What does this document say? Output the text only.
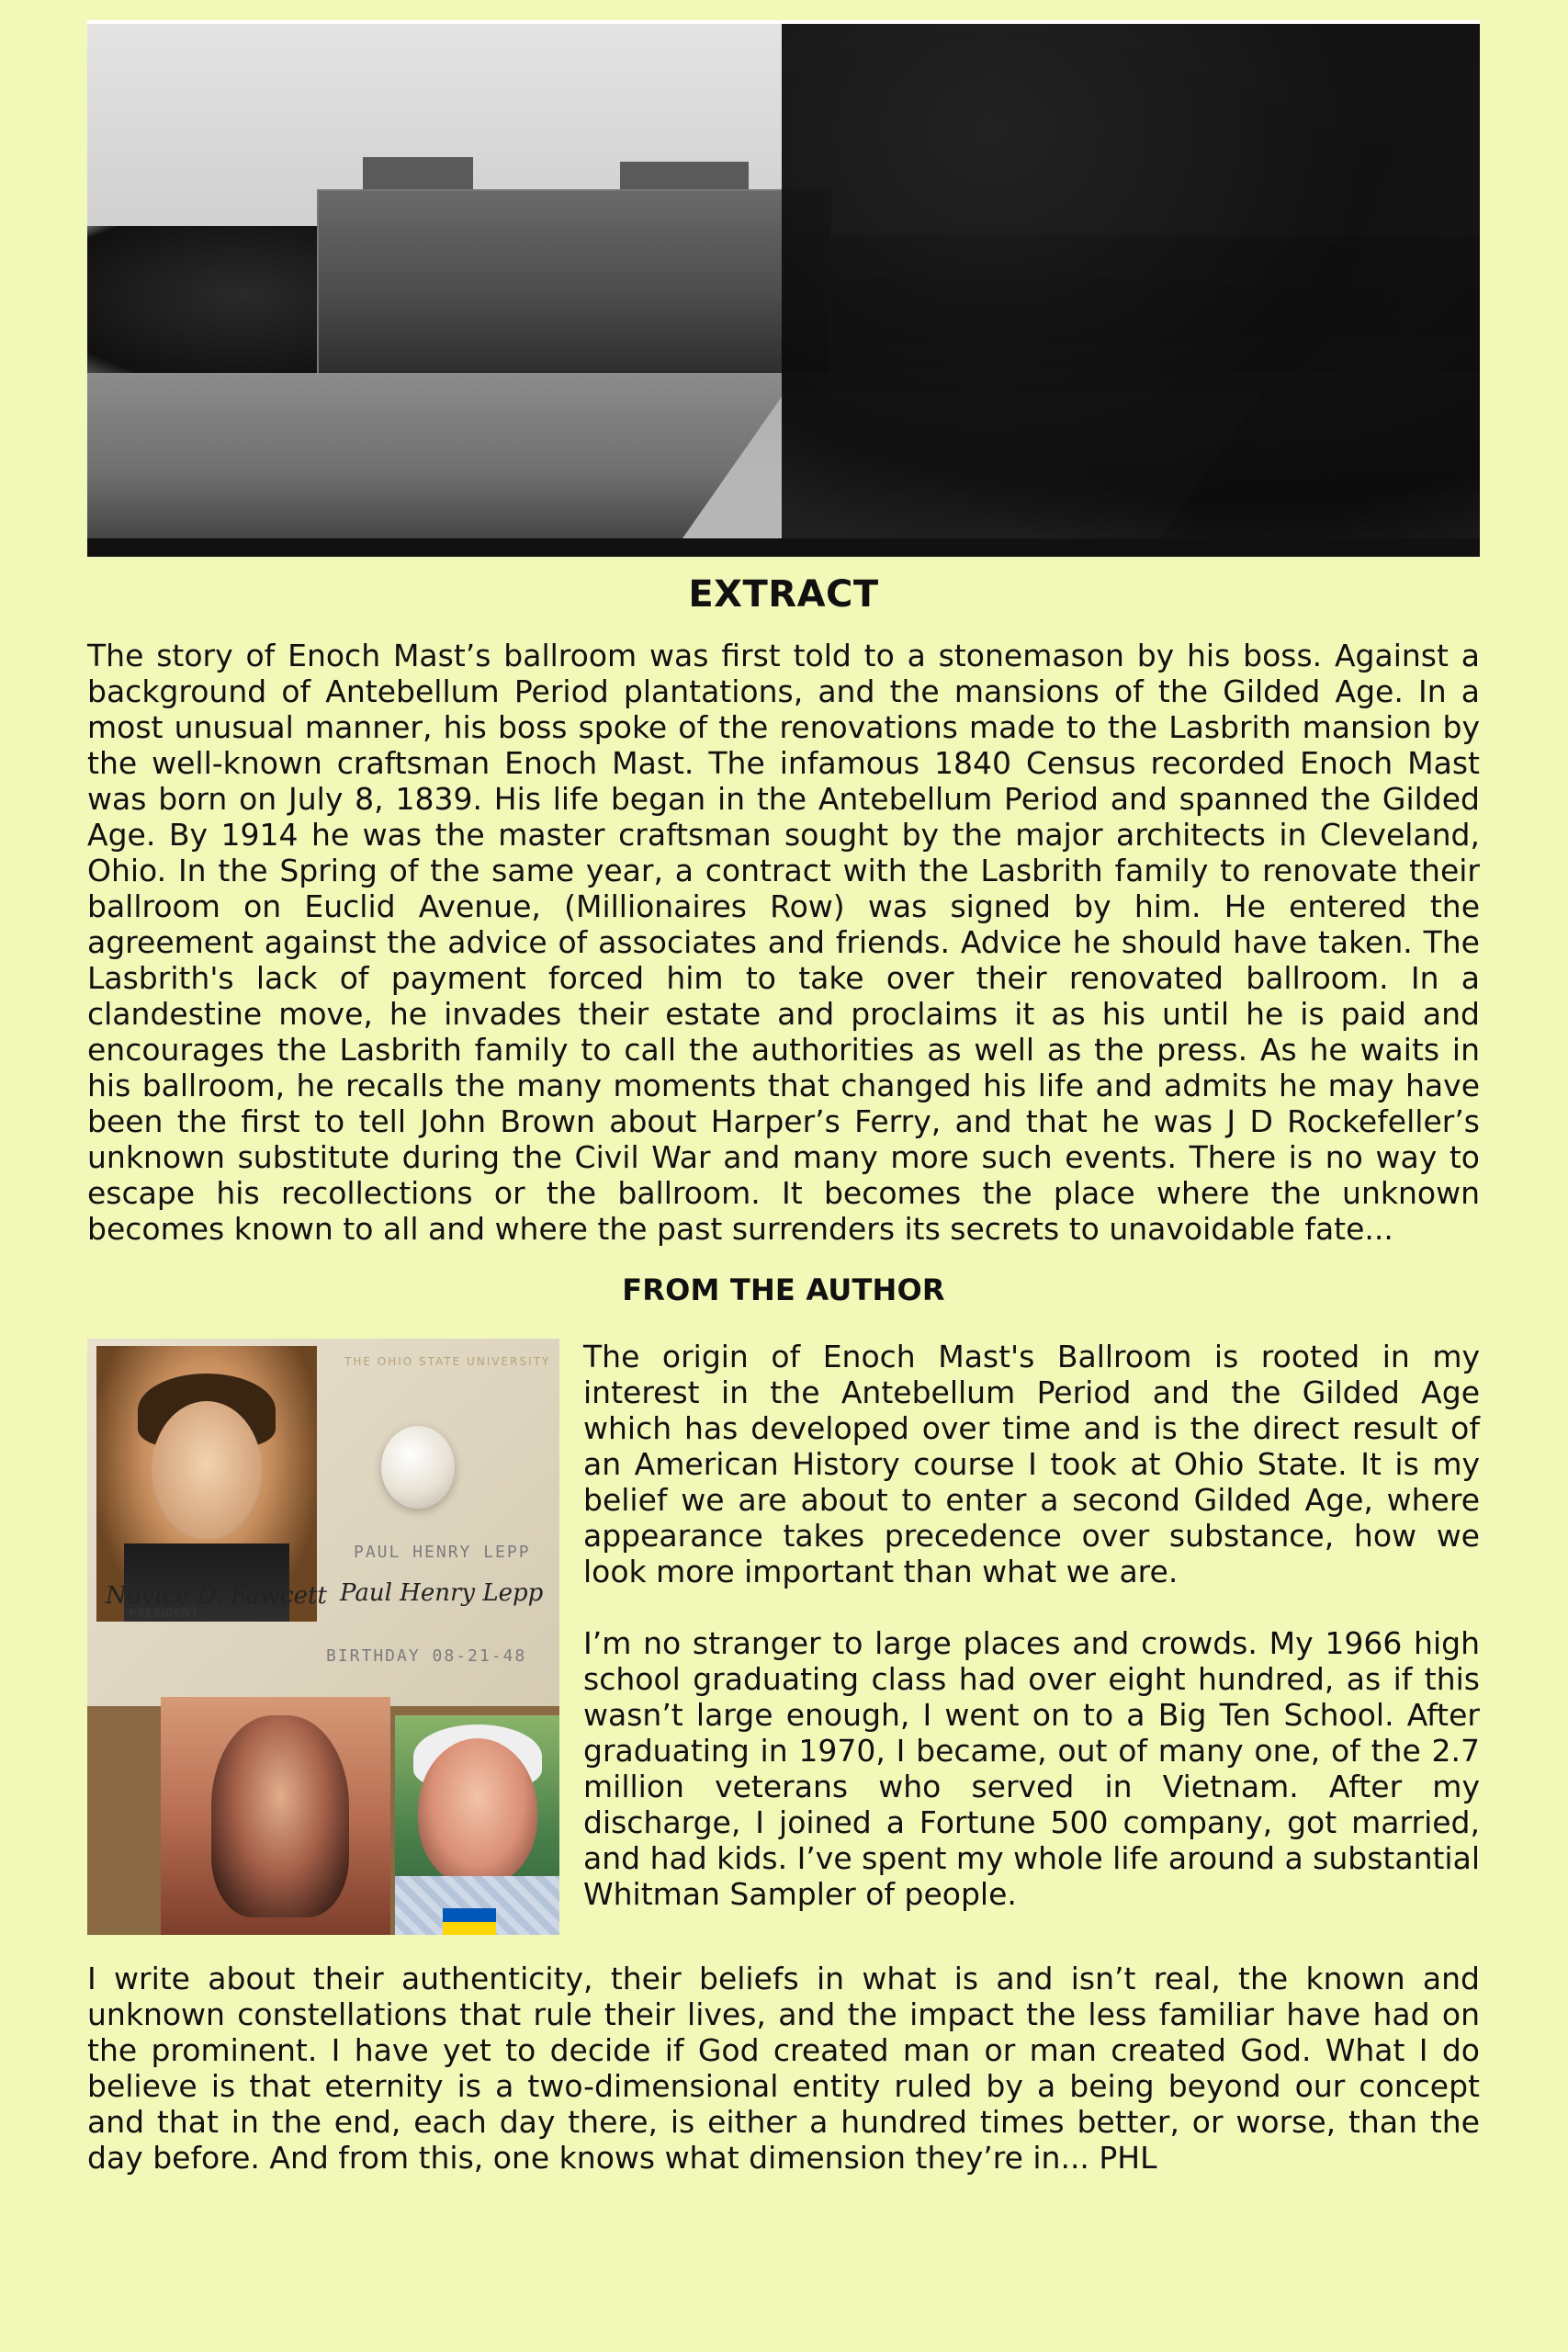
EXTRACT

The story of Enoch Mast’s ballroom was first told to a stonemason by his boss. Against a background of Antebellum Period plantations, and the mansions of the Gilded Age. In a most unusual manner, his boss spoke of the renovations made to the Lasbrith mansion by the well-known craftsman Enoch Mast. The infamous 1840 Census recorded Enoch Mast was born on July 8, 1839. His life began in the Antebellum Period and spanned the Gilded Age. By 1914 he was the master craftsman sought by the major architects in Cleveland, Ohio. In the Spring of the same year, a contract with the Lasbrith family to renovate their ballroom on Euclid Avenue, (Millionaires Row) was signed by him. He entered the agreement against the advice of associates and friends. Advice he should have taken. The Lasbrith's lack of payment forced him to take over their renovated ballroom. In a clandestine move, he invades their estate and proclaims it as his until he is paid and encourages the Lasbrith family to call the authorities as well as the press. As he waits in his ballroom, he recalls the many moments that changed his life and admits he may have been the first to tell John Brown about Harper’s Ferry, and that he was J D Rockefeller’s unknown substitute during the Civil War and many more such events. There is no way to escape his recollections or the ballroom. It becomes the place where the unknown becomes known to all and where the past surrenders its secrets to unavoidable fate...

FROM THE AUTHOR
THE OHIO STATE UNIVERSITY
PAUL HENRY LEPP
Novice D. Fawcett Paul Henry Lepp
PRESIDENT
BIRTHDAY 08-21-48

The origin of Enoch Mast's Ballroom is rooted in my interest in the Antebellum Period and the Gilded Age which has developed over time and is the direct result of an American History course I took at Ohio State. It is my belief we are about to enter a second Gilded Age, where appearance takes precedence over substance, how we look more important than what we are.

I’m no stranger to large places and crowds. My 1966 high school graduating class had over eight hundred, as if this wasn’t large enough, I went on to a Big Ten School. After graduating in 1970, I became, out of many one, of the 2.7 million veterans who served in Vietnam. After my discharge, I joined a Fortune 500 company, got married, and had kids. I’ve spent my whole life around a substantial Whitman Sampler of people.

I write about their authenticity, their beliefs in what is and isn’t real, the known and unknown constellations that rule their lives, and the impact the less familiar have had on the prominent. I have yet to decide if God created man or man created God. What I do believe is that eternity is a two-dimensional entity ruled by a being beyond our concept and that in the end, each day there, is either a hundred times better, or worse, than the day before. And from this, one knows what dimension they’re in... PHL
